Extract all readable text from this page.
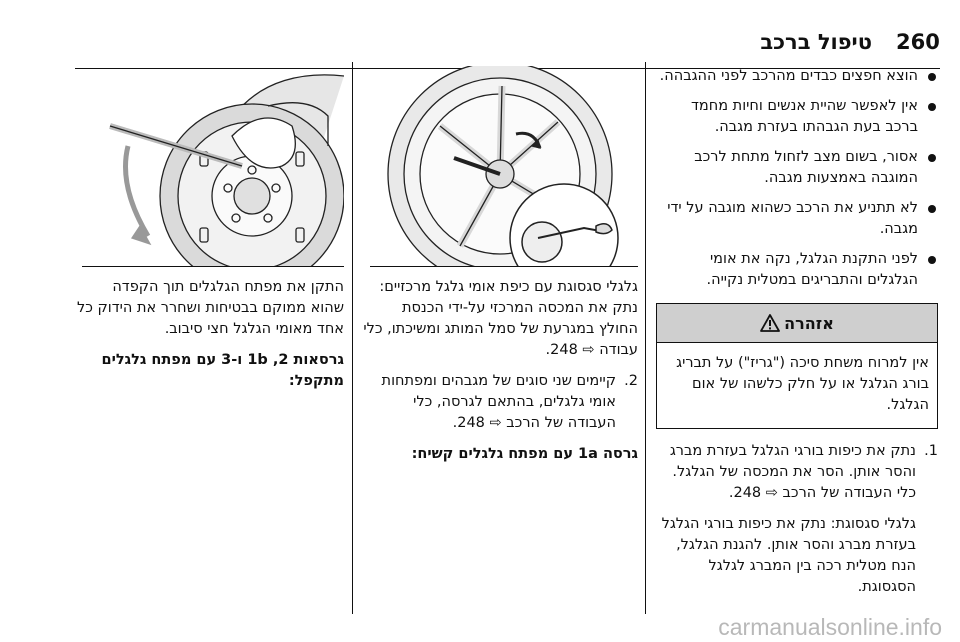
260
טיפול ברכב
הוצא חפצים כבדים מהרכב לפני ההגבהה.
אין לאפשר שהיית אנשים וחיות מחמד ברכב בעת הגבהתו בעזרת מגבה.
אסור, בשום מצב לזחול מתחת לרכב המוגבה באמצעות מגבה.
לא תתניע את הרכב כשהוא מוגבה על ידי מגבה.
לפני התקנת הגלגל, נקה את אומי הגלגלים והתבריגים במטלית נקייה.
אזהרה
אין למרוח משחת סיכה ("גריז") על תבריג בורג הגלגל או על חלק כלשהו של אום הגלגל.
1.

נתק את כיפות בורגי הגלגל בעזרת מברג והסר אותן. הסר את המכסה של הגלגל. כלי העבודה של הרכב ⇨ 248.

גלגלי סגסוגת: נתק את כיפות בורגי הגלגל בעזרת מברג והסר אותן. להגנת הגלגל, הנח מטלית רכה בין המברג לגלגל הסגסוגת.

גלגלי סגסוגת עם כיפת אומי גלגל מרכזיים: נתק את המכסה המרכזי על-ידי הכנסת החולץ במגרעת של סמל המותג ומשיכתו, כלי עבודה ⇨ 248.

2.

קיימים שני סוגים של מגבהים ומפתחות אומי גלגלים, בהתאם לגרסה, כלי העבודה של הרכב ⇨ 248.

גרסה 1a עם מפתח גלגלים קשיח:

התקן את מפתח הגלגלים תוך הקפדה שהוא ממוקם בבטיחות ושחרר את הידוק כל אחד מאומי הגלגל חצי סיבוב.

גרסאות 1b ,2 ו-3 עם מפתח גלגלים מתקפל:

carmanualsonline.info
